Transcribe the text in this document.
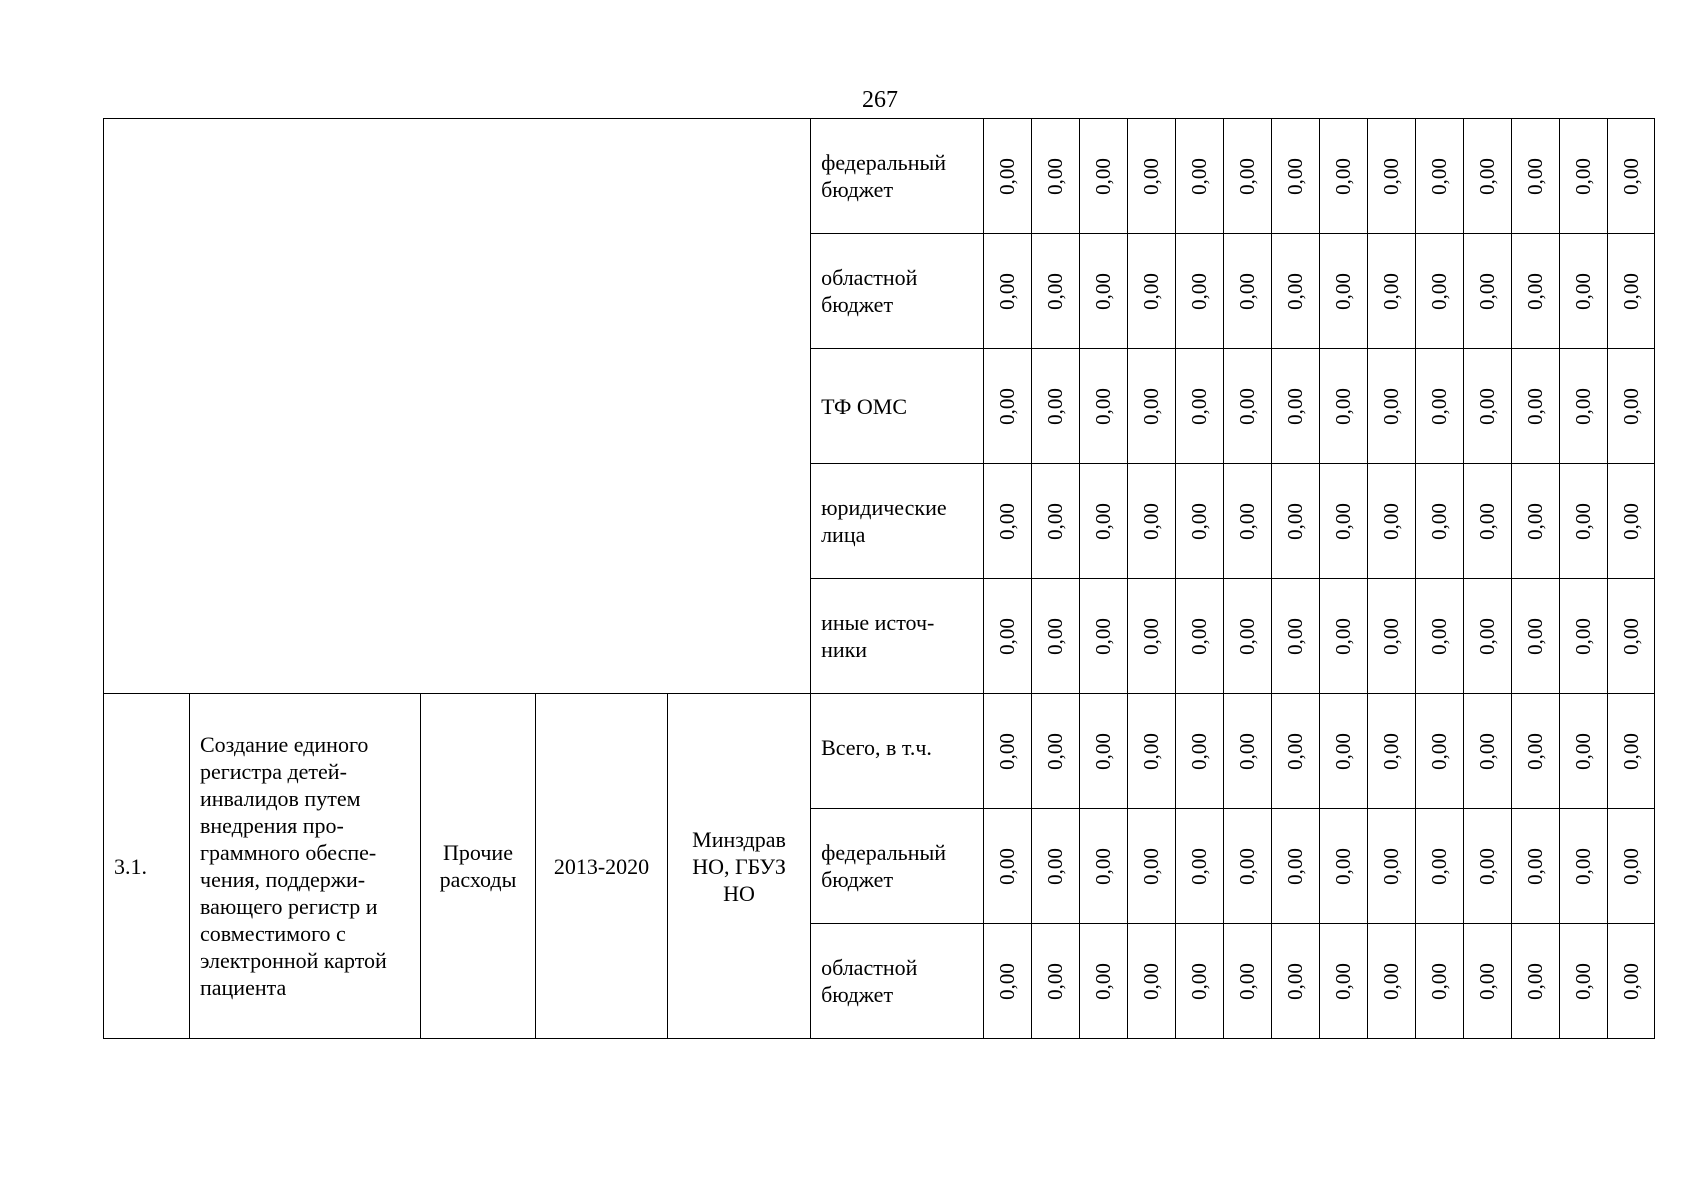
267
					федеральный бюджет	0,00	0,00	0,00	0,00	0,00	0,00	0,00	0,00	0,00	0,00	0,00	0,00	0,00	0,00
					областной бюджет	0,00	0,00	0,00	0,00	0,00	0,00	0,00	0,00	0,00	0,00	0,00	0,00	0,00	0,00
					ТФ ОМС	0,00	0,00	0,00	0,00	0,00	0,00	0,00	0,00	0,00	0,00	0,00	0,00	0,00	0,00
					юридические лица	0,00	0,00	0,00	0,00	0,00	0,00	0,00	0,00	0,00	0,00	0,00	0,00	0,00	0,00
					иные источ-ники	0,00	0,00	0,00	0,00	0,00	0,00	0,00	0,00	0,00	0,00	0,00	0,00	0,00	0,00
3.1.	Создание единого регистра детей-инвалидов путем внедрения про-граммного обеспе-чения, поддержи-вающего регистр и совместимого с электронной картой пациента	Прочие расходы	2013-2020	Минздрав НО, ГБУЗ НО	Всего, в т.ч.	0,00	0,00	0,00	0,00	0,00	0,00	0,00	0,00	0,00	0,00	0,00	0,00	0,00	0,00
					федеральный бюджет	0,00	0,00	0,00	0,00	0,00	0,00	0,00	0,00	0,00	0,00	0,00	0,00	0,00	0,00
					областной бюджет	0,00	0,00	0,00	0,00	0,00	0,00	0,00	0,00	0,00	0,00	0,00	0,00	0,00	0,00
